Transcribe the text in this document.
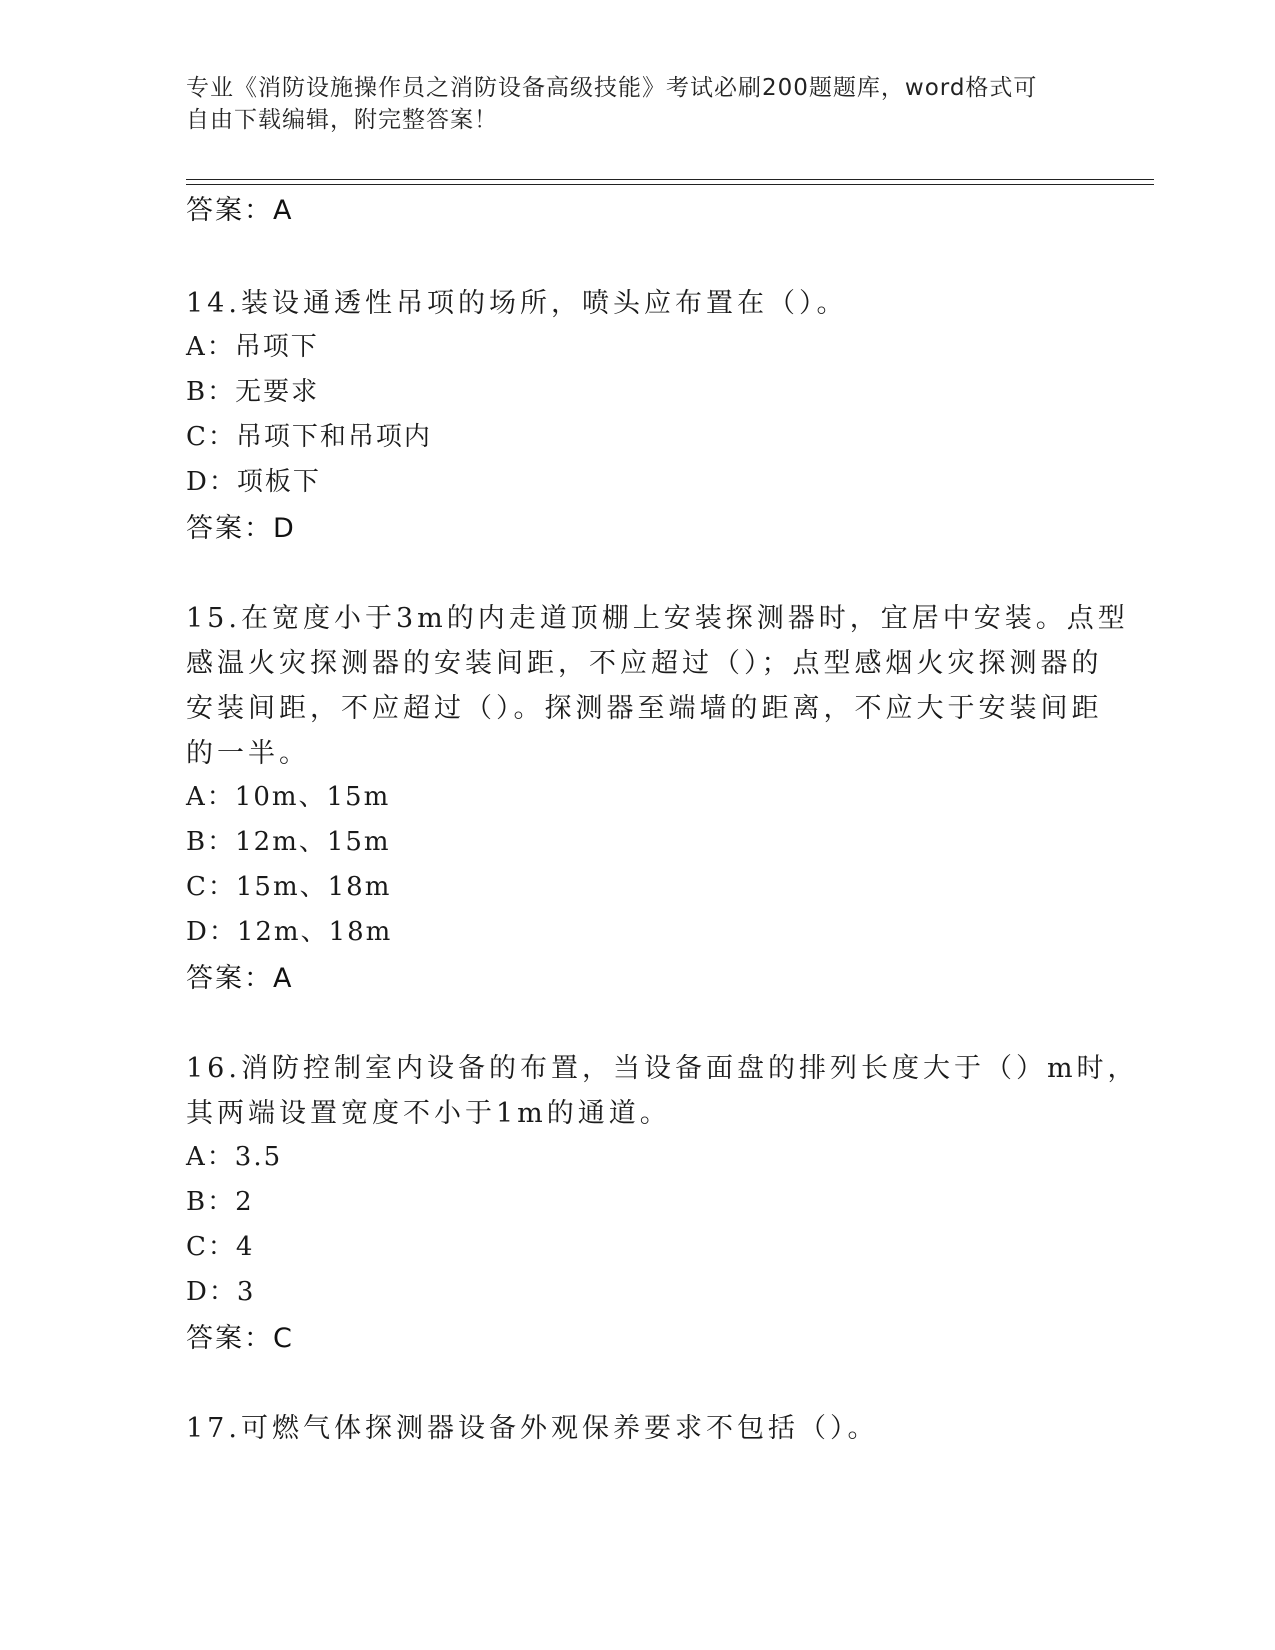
专业《消防设施操作员之消防设备高级技能》考试必刷200题题库，word格式可
自由下载编辑，附完整答案！
答案：A
14.装设通透性吊项的场所，喷头应布置在（）。
A：吊项下
B：无要求
C：吊项下和吊项内
D：项板下
答案：D
15.在宽度小于3m的内走道顶棚上安装探测器时，宜居中安装。点型
感温火灾探测器的安装间距，不应超过（）；点型感烟火灾探测器的
安装间距，不应超过（）。探测器至端墙的距离，不应大于安装间距
的一半。
A：10m、15m
B：12m、15m
C：15m、18m
D：12m、18m
答案：A
16.消防控制室内设备的布置，当设备面盘的排列长度大于（）m时，
其两端设置宽度不小于1m的通道。
A：3.5
B：2
C：4
D：3
答案：C
17.可燃气体探测器设备外观保养要求不包括（）。
